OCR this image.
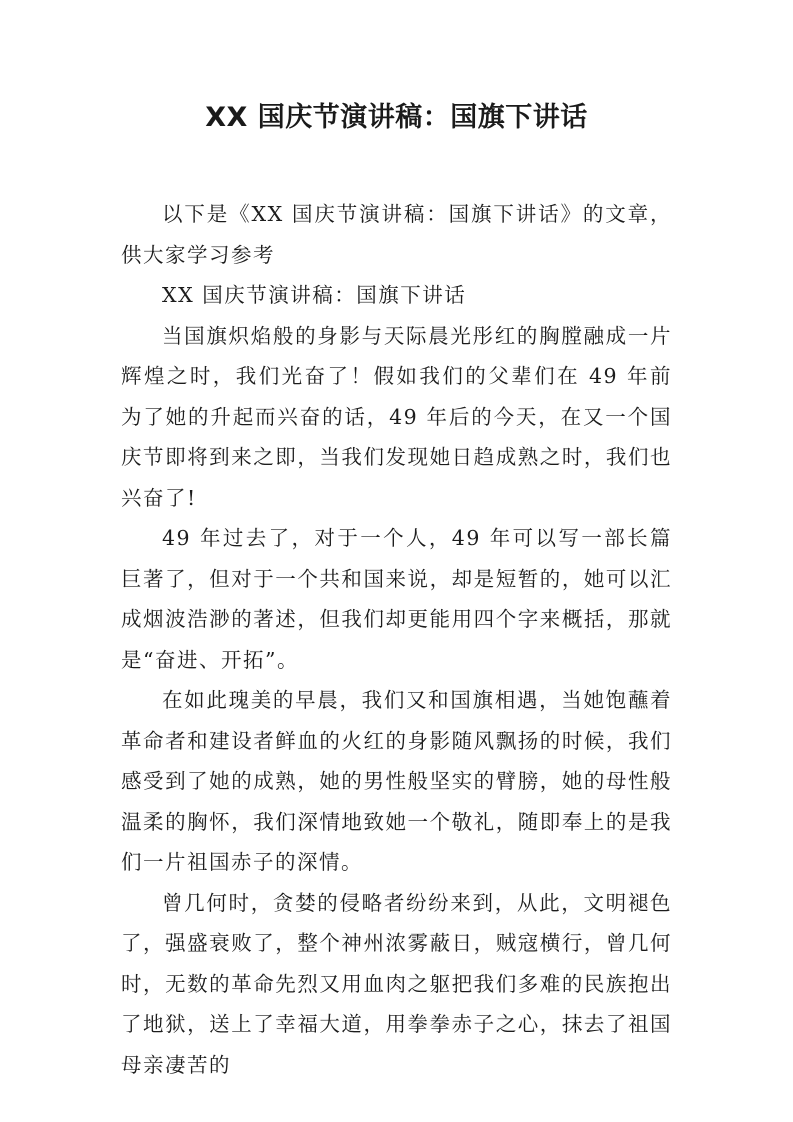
XX 国庆节演讲稿：国旗下讲话

以下是《XX 国庆节演讲稿：国旗下讲话》的文章，供大家学习参考

XX 国庆节演讲稿：国旗下讲话

当国旗炽焰般的身影与天际晨光彤红的胸膛融成一片辉煌之时，我们光奋了！假如我们的父辈们在 49 年前为了她的升起而兴奋的话，49 年后的今天，在又一个国庆节即将到来之即，当我们发现她日趋成熟之时，我们也兴奋了!

49 年过去了，对于一个人，49 年可以写一部长篇巨著了，但对于一个共和国来说，却是短暂的，她可以汇成烟波浩渺的著述，但我们却更能用四个字来概括，那就是“奋进、开拓”。

在如此瑰美的早晨，我们又和国旗相遇，当她饱蘸着革命者和建设者鲜血的火红的身影随风飘扬的时候，我们感受到了她的成熟，她的男性般坚实的臂膀，她的母性般温柔的胸怀，我们深情地致她一个敬礼，随即奉上的是我们一片祖国赤子的深情。

曾几何时，贪婪的侵略者纷纷来到，从此，文明褪色了，强盛衰败了，整个神州浓雾蔽日，贼寇横行，曾几何时，无数的革命先烈又用血肉之躯把我们多难的民族抱出了地狱，送上了幸福大道，用拳拳赤子之心，抹去了祖国母亲凄苦的
